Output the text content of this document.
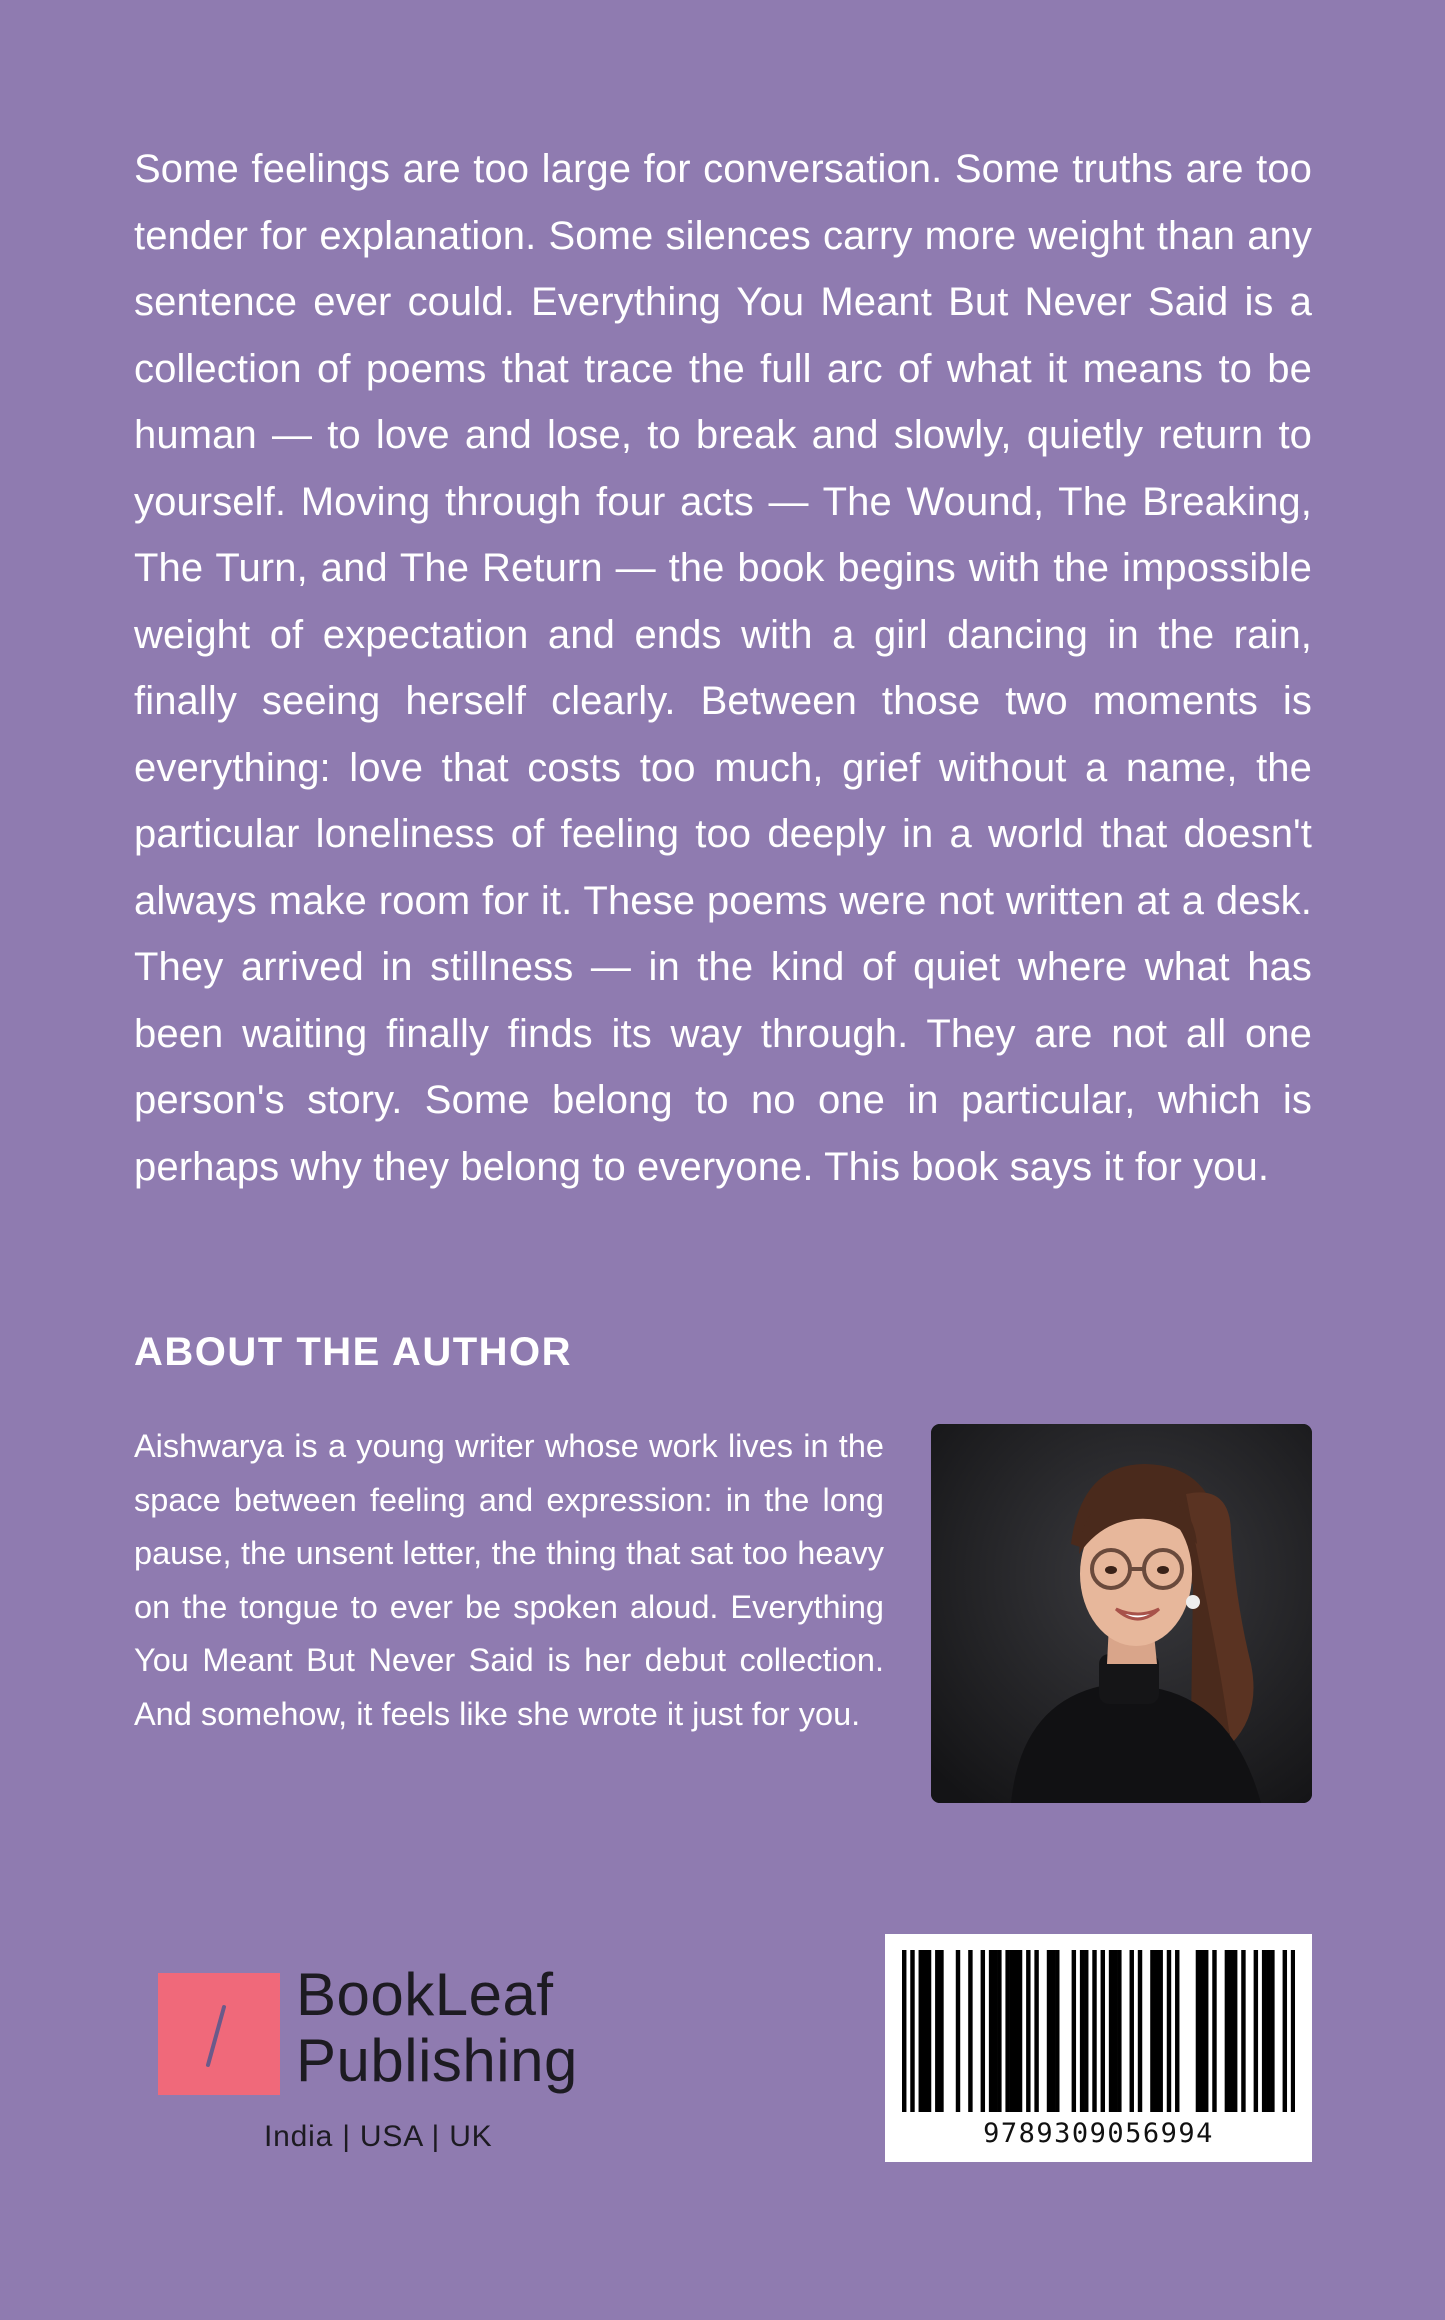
Some feelings are too large for conversation. Some truths are too tender for explanation. Some silences carry more weight than any sentence ever could. Everything You Meant But Never Said is a collection of poems that trace the full arc of what it means to be human — to love and lose, to break and slowly, quietly return to yourself. Moving through four acts — The Wound, The Breaking, The Turn, and The Return — the book begins with the impossible weight of expectation and ends with a girl dancing in the rain, finally seeing herself clearly. Between those two moments is everything: love that costs too much, grief without a name, the particular loneliness of feeling too deeply in a world that doesn't always make room for it. These poems were not written at a desk. They arrived in stillness — in the kind of quiet where what has been waiting finally finds its way through. They are not all one person's story. Some belong to no one in particular, which is perhaps why they belong to everyone. This book says it for you.

ABOUT THE AUTHOR

Aishwarya is a young writer whose work lives in the space between feeling and expression: in the long pause, the unsent letter, the thing that sat too heavy on the tongue to ever be spoken aloud. Everything You Meant But Never Said is her debut collection. And somehow, it feels like she wrote it just for you.

BookLeaf
Publishing
India | USA | UK	9789309056994
